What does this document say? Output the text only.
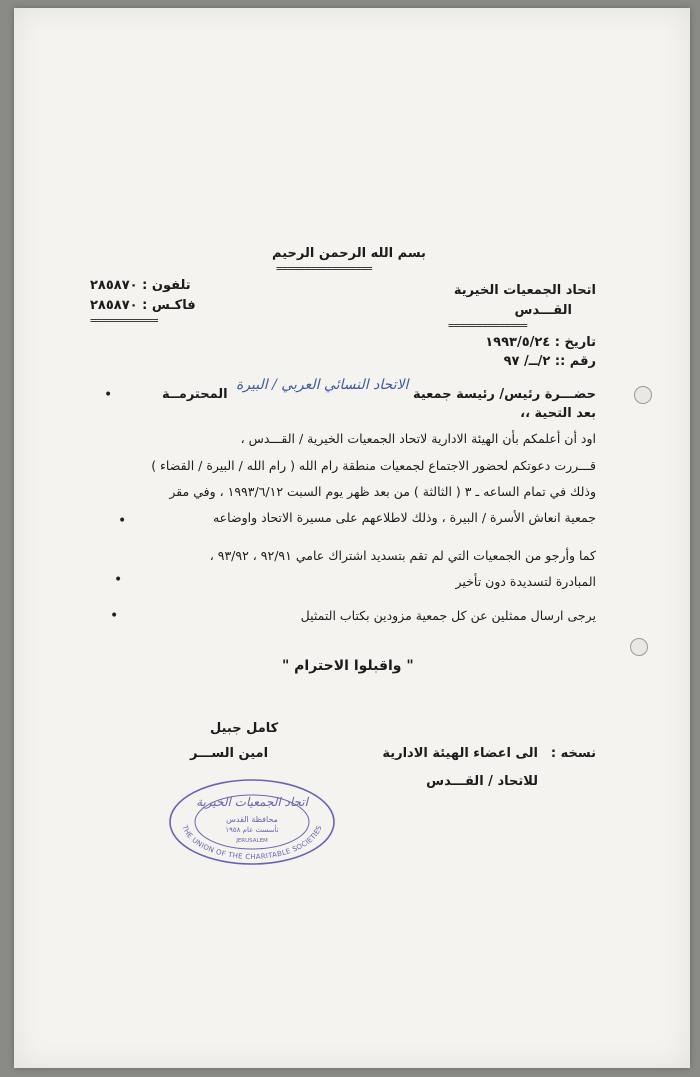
بسم الله الرحمن الرحيم
=================
اتحاد الجمعيات الخيرية
القـــدس
==============
تلفون : ٢٨٥٨٧٠
فاكـس : ٢٨٥٨٧٠
============
تاريخ : ١٩٩٣/٥/٢٤
رقم :: ٢/ــ/ ٩٧
حضـــرة رئيس/ رئيسة جمعية
الاتحاد النسائي العربي / البيرة
المحترمــة
•
بعد التحية ،،
اود أن أعلمكم بأن الهيئة الادارية لاتحاد الجمعيات الخيرية / القـــدس ،
قـــررت دعوتكم لحضور الاجتماع لجمعيات منطقة رام الله ( رام الله / البيرة / القضاء )
وذلك في تمام الساعه ـ ٣ ( الثالثة ) من بعد ظهر يوم السبت ١٩٩٣/٦/١٢ ، وفي مقر
جمعية انعاش الأسرة / البيرة ، وذلك لاطلاعهم على مسيرة الاتحاد واوضاعه
•
كما وأرجو من الجمعيات التي لم تقم بتسديد اشتراك عامي ٩٢/٩١ ، ٩٣/٩٢ ،
المبادرة لتسديدة دون تأخير
•
يرجى ارسال ممثلين عن كل جمعية مزودين بكتاب التمثيل
•
" واقبلوا الاحترام "
كامل جبيل
امين الســـر	نسخه :
الى اعضاء الهيئة الادارية
للاتحاد / القـــدس
اتحاد الجمعيات الخيرية
محافظة القدس
تأسست عام ١٩٥٨
JERUSALEM
THE UNION OF THE CHARITABLE SOCIETIES
